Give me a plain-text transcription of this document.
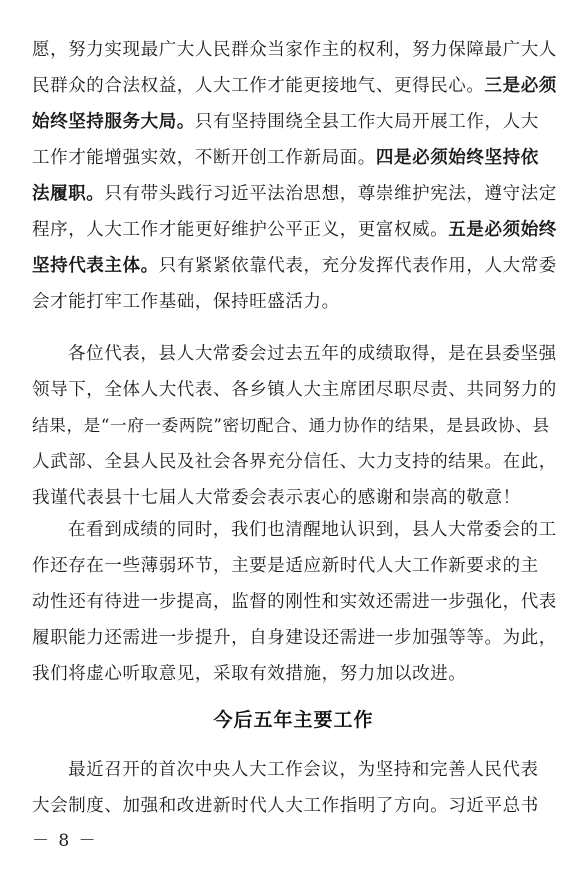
愿，努力实现最广大人民群众当家作主的权利，努力保障最广大人
民群众的合法权益，人大工作才能更接地气、更得民心。三是必须
始终坚持服务大局。只有坚持围绕全县工作大局开展工作，人大
工作才能增强实效，不断开创工作新局面。四是必须始终坚持依
法履职。只有带头践行习近平法治思想，尊崇维护宪法，遵守法定
程序，人大工作才能更好维护公平正义，更富权威。五是必须始终
坚持代表主体。只有紧紧依靠代表，充分发挥代表作用，人大常委
会才能打牢工作基础，保持旺盛活力。
各位代表，县人大常委会过去五年的成绩取得，是在县委坚强
领导下，全体人大代表、各乡镇人大主席团尽职尽责、共同努力的
结果，是“一府一委两院”密切配合、通力协作的结果，是县政协、县
人武部、全县人民及社会各界充分信任、大力支持的结果。在此，
我谨代表县十七届人大常委会表示衷心的感谢和崇高的敬意！
在看到成绩的同时，我们也清醒地认识到，县人大常委会的工
作还存在一些薄弱环节，主要是适应新时代人大工作新要求的主
动性还有待进一步提高，监督的刚性和实效还需进一步强化，代表
履职能力还需进一步提升，自身建设还需进一步加强等等。为此，
我们将虚心听取意见，采取有效措施，努力加以改进。
今后五年主要工作
最近召开的首次中央人大工作会议，为坚持和完善人民代表
大会制度、加强和改进新时代人大工作指明了方向。习近平总书
－ 8 －
